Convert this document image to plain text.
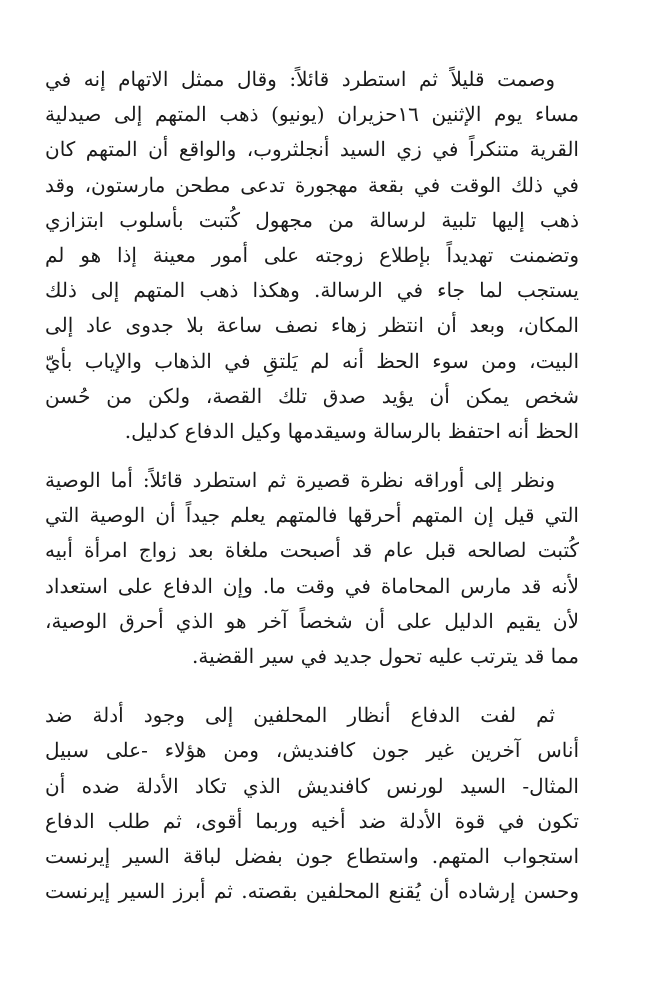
وصمت قليلاً ثم استطرد قائلاً: وقال ممثل الاتهام إنه في
مساء يوم الإثنين ١٦حزيران (يونيو) ذهب المتهم إلى صيدلية
القرية متنكراً في زي السيد أنجلثروب، والواقع أن المتهم كان
في ذلك الوقت في بقعة مهجورة تدعى مطحن مارستون، وقد
ذهب إليها تلبية لرسالة من مجهول كُتبت بأسلوب ابتزازي
وتضمنت تهديداً بإطلاع زوجته على أمور معينة إذا هو لم
يستجب لما جاء في الرسالة. وهكذا ذهب المتهم إلى ذلك
المكان، وبعد أن انتظر زهاء نصف ساعة بلا جدوى عاد إلى
البيت، ومن سوء الحظ أنه لم يَلتقِ في الذهاب والإياب بأيّ
شخص يمكن أن يؤيد صدق تلك القصة، ولكن من حُسن
الحظ أنه احتفظ بالرسالة وسيقدمها وكيل الدفاع كدليل.
ونظر إلى أوراقه نظرة قصيرة ثم استطرد قائلاً: أما الوصية
التي قيل إن المتهم أحرقها فالمتهم يعلم جيداً أن الوصية التي
كُتبت لصالحه قبل عام قد أصبحت ملغاة بعد زواج امرأة أبيه
لأنه قد مارس المحاماة في وقت ما. وإن الدفاع على استعداد
لأن يقيم الدليل على أن شخصاً آخر هو الذي أحرق الوصية،
مما قد يترتب عليه تحول جديد في سير القضية.
ثم لفت الدفاع أنظار المحلفين إلى وجود أدلة ضد
أناس آخرين غير جون كافنديش، ومن هؤلاء -على سبيل
المثال- السيد لورنس كافنديش الذي تكاد الأدلة ضده أن
تكون في قوة الأدلة ضد أخيه وربما أقوى، ثم طلب الدفاع
استجواب المتهم. واستطاع جون بفضل لباقة السير إيرنست
وحسن إرشاده أن يُقنع المحلفين بقصته. ثم أبرز السير إيرنست
